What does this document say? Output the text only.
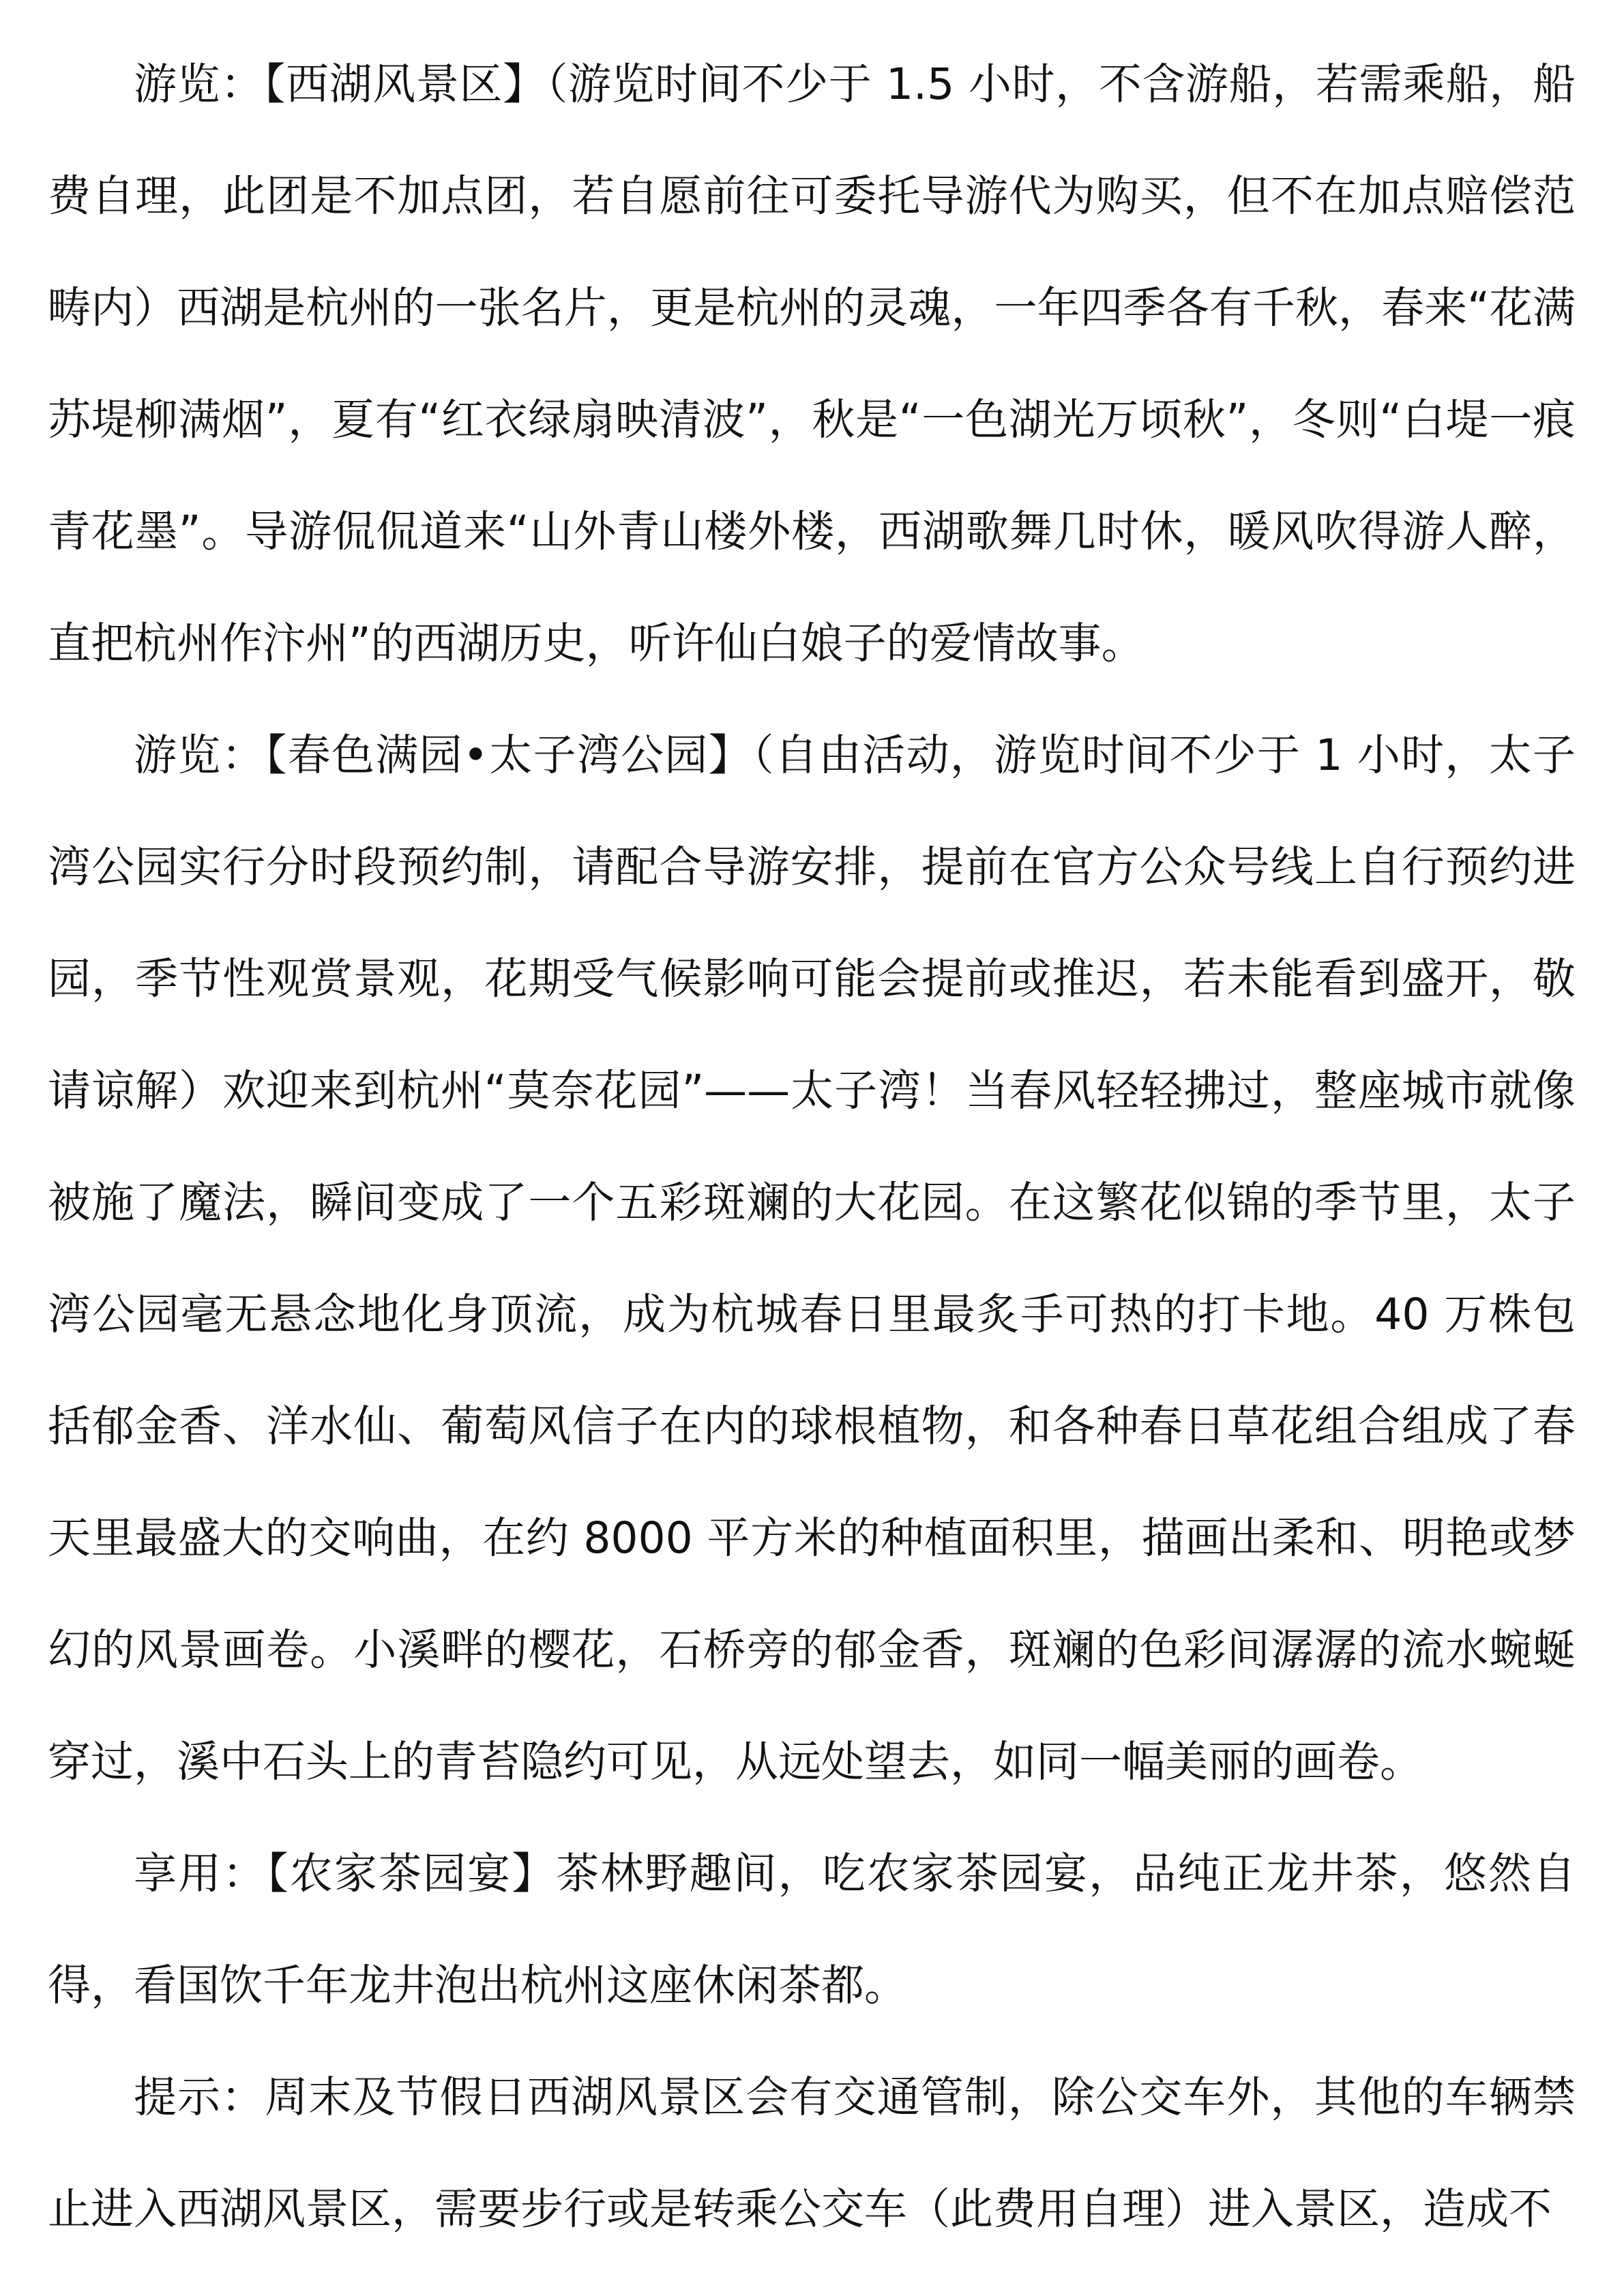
游览：【西湖风景区】（游览时间不少于 1.5 小时，不含游船，若需乘船，船费自理，此团是不加点团，若自愿前往可委托导游代为购买，但不在加点赔偿范畴内）西湖是杭州的一张名片，更是杭州的灵魂，一年四季各有千秋，春来“花满苏堤柳满烟”，夏有“红衣绿扇映清波”，秋是“一色湖光万顷秋”，冬则“白堤一痕青花墨”。导游侃侃道来“山外青山楼外楼，西湖歌舞几时休，暖风吹得游人醉，直把杭州作汴州”的西湖历史，听许仙白娘子的爱情故事。

游览：【春色满园•太子湾公园】（自由活动，游览时间不少于 1 小时，太子湾公园实行分时段预约制，请配合导游安排，提前在官方公众号线上自行预约进园，季节性观赏景观，花期受气候影响可能会提前或推迟，若未能看到盛开，敬请谅解）欢迎来到杭州“莫奈花园”——太子湾！当春风轻轻拂过，整座城市就像被施了魔法，瞬间变成了一个五彩斑斓的大花园。在这繁花似锦的季节里，太子湾公园毫无悬念地化身顶流，成为杭城春日里最炙手可热的打卡地。40 万株包括郁金香、洋水仙、葡萄风信子在内的球根植物，和各种春日草花组合组成了春天里最盛大的交响曲，在约 8000 平方米的种植面积里，描画出柔和、明艳或梦幻的风景画卷。小溪畔的樱花，石桥旁的郁金香，斑斓的色彩间潺潺的流水蜿蜒穿过，溪中石头上的青苔隐约可见，从远处望去，如同一幅美丽的画卷。

享用：【农家茶园宴】茶林野趣间，吃农家茶园宴，品纯正龙井茶，悠然自得，看国饮千年龙井泡出杭州这座休闲茶都。

提示：周末及节假日西湖风景区会有交通管制，除公交车外，其他的车辆禁止进入西湖风景区，需要步行或是转乘公交车（此费用自理）进入景区，造成不
